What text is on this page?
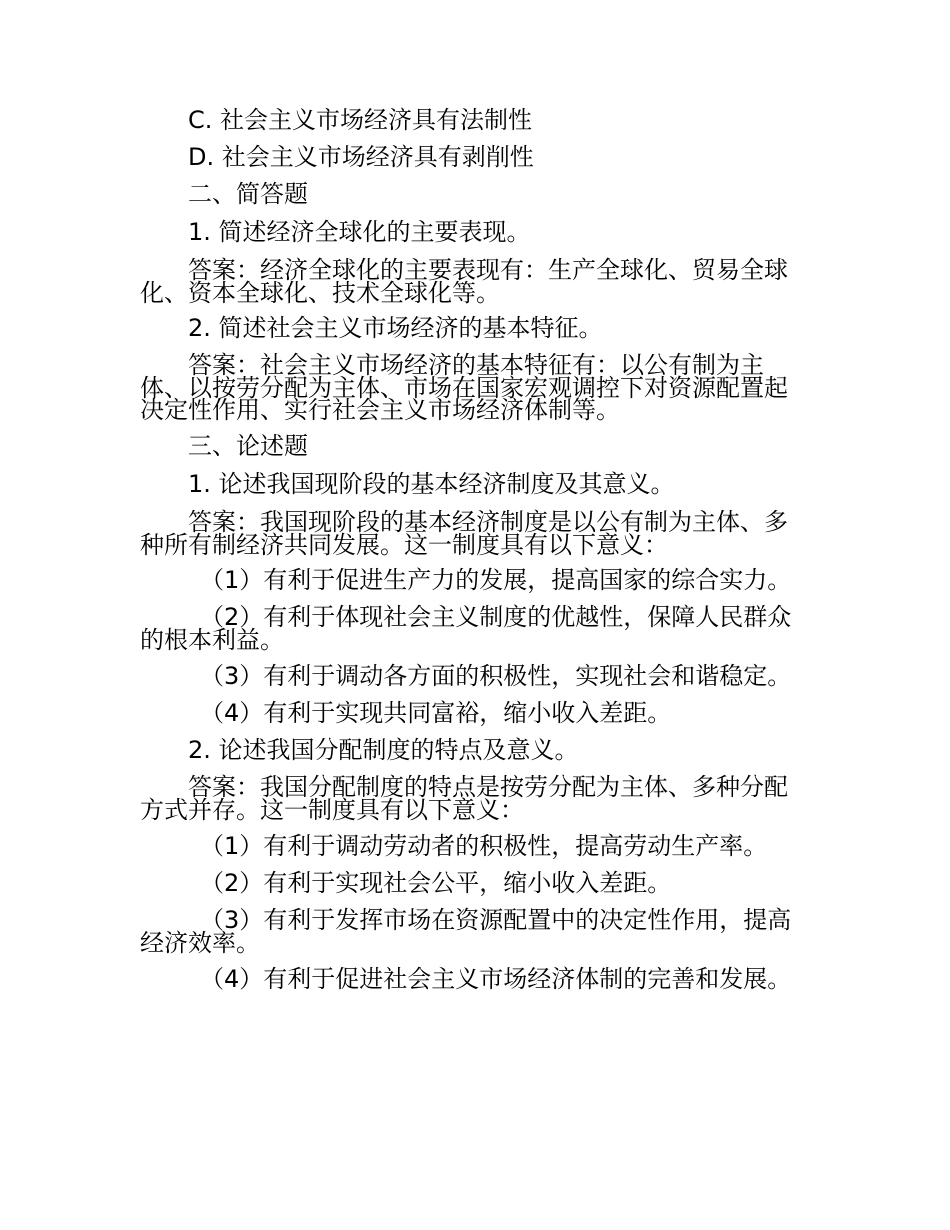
C. 社会主义市场经济具有法制性
D. 社会主义市场经济具有剥削性
二、简答题
1. 简述经济全球化的主要表现。
答案：经济全球化的主要表现有：生产全球化、贸易全球
化、资本全球化、技术全球化等。
2. 简述社会主义市场经济的基本特征。
答案：社会主义市场经济的基本特征有：以公有制为主
体、以按劳分配为主体、市场在国家宏观调控下对资源配置起
决定性作用、实行社会主义市场经济体制等。
三、论述题
1. 论述我国现阶段的基本经济制度及其意义。
答案：我国现阶段的基本经济制度是以公有制为主体、多
种所有制经济共同发展。这一制度具有以下意义：
（1）有利于促进生产力的发展，提高国家的综合实力。
（2）有利于体现社会主义制度的优越性，保障人民群众
的根本利益。
（3）有利于调动各方面的积极性，实现社会和谐稳定。
（4）有利于实现共同富裕，缩小收入差距。
2. 论述我国分配制度的特点及意义。
答案：我国分配制度的特点是按劳分配为主体、多种分配
方式并存。这一制度具有以下意义：
（1）有利于调动劳动者的积极性，提高劳动生产率。
（2）有利于实现社会公平，缩小收入差距。
（3）有利于发挥市场在资源配置中的决定性作用，提高
经济效率。
（4）有利于促进社会主义市场经济体制的完善和发展。
